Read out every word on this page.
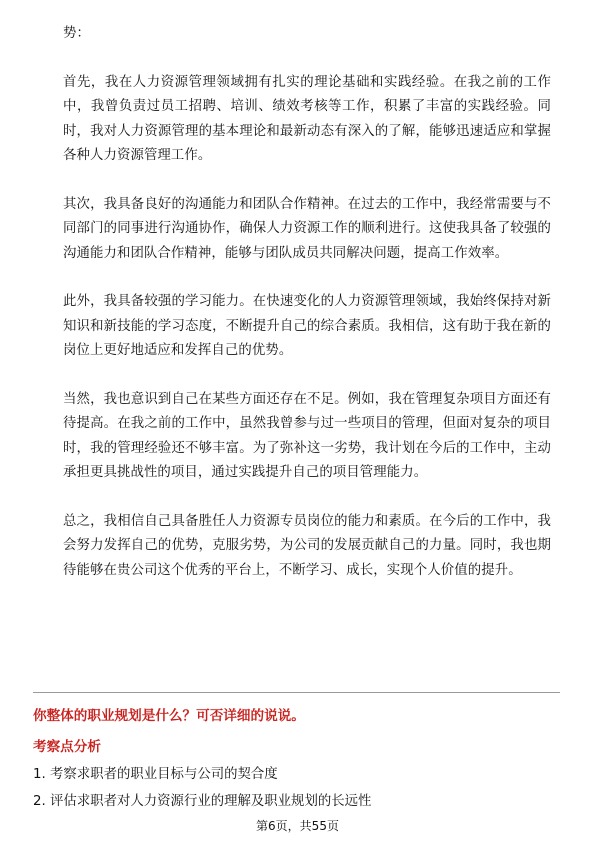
势：

首先，我在人力资源管理领域拥有扎实的理论基础和实践经验。在我之前的工作中，我曾负责过员工招聘、培训、绩效考核等工作，积累了丰富的实践经验。同时，我对人力资源管理的基本理论和最新动态有深入的了解，能够迅速适应和掌握各种人力资源管理工作。

其次，我具备良好的沟通能力和团队合作精神。在过去的工作中，我经常需要与不同部门的同事进行沟通协作，确保人力资源工作的顺利进行。这使我具备了较强的沟通能力和团队合作精神，能够与团队成员共同解决问题，提高工作效率。

此外，我具备较强的学习能力。在快速变化的人力资源管理领域，我始终保持对新知识和新技能的学习态度，不断提升自己的综合素质。我相信，这有助于我在新的岗位上更好地适应和发挥自己的优势。

当然，我也意识到自己在某些方面还存在不足。例如，我在管理复杂项目方面还有待提高。在我之前的工作中，虽然我曾参与过一些项目的管理，但面对复杂的项目时，我的管理经验还不够丰富。为了弥补这一劣势，我计划在今后的工作中，主动承担更具挑战性的项目，通过实践提升自己的项目管理能力。

总之，我相信自己具备胜任人力资源专员岗位的能力和素质。在今后的工作中，我会努力发挥自己的优势，克服劣势，为公司的发展贡献自己的力量。同时，我也期待能够在贵公司这个优秀的平台上，不断学习、成长，实现个人价值的提升。

你整体的职业规划是什么？可否详细的说说。

考察点分析

1. 考察求职者的职业目标与公司的契合度

2. 评估求职者对人力资源行业的理解及职业规划的长远性

第6页，共55页
